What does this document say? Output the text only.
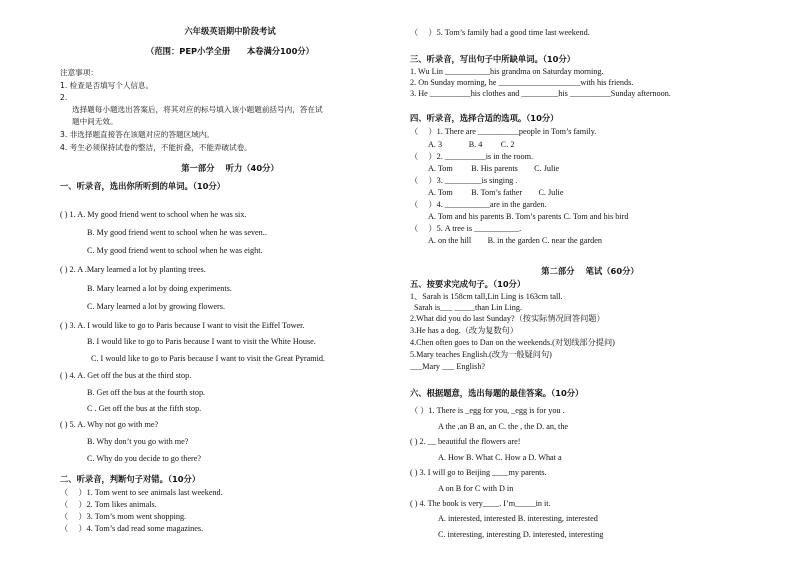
六年级英语期中阶段考试
（范围：PEP小学全册　　本卷满分100分）
注意事项：
1. 检查是否填写个人信息。
2.
选择题每小题选出答案后，将其对应的标号填入该小题题前括号内，答在试
题中间无效。
3. 非选择题直接答在该题对应的答题区域内。
4. 考生必须保持试卷的整洁，不能折叠，不能弄破试卷。
第一部分　 听力（40分）
一、听录音，选出你所听到的单词。（10分）
( ) 1. A. My good friend went to school when he was six.
B. My good friend went to school when he was seven..
C. My good friend went to school when he was eight.
( ) 2. A .Mary learned a lot by planting trees.
B. Mary learned a lot by doing experiments.
C. Mary learned a lot by growing flowers.
( ) 3. A. I would like to go to Paris because I want to visit the Eiffel Tower.
B. I would like to go to Paris because I want to visit the White House.
C. I would like to go to Paris because I want to visit the Great Pyramid.
( ) 4. A. Get off the bus at the third stop.
B. Get off the bus at the fourth stop.
C . Get off the bus at the fifth stop.
( ) 5. A. Why not go with me?
B. Why don’t you go with me?
C. Why do you decide to go there?
二、听录音，判断句子对错。（10分）
（　 ）1. Tom went to see animals last weekend.
（　 ）2. Tom likes animals.
（　 ）3. Tom’s mom went shopping.
（　 ）4. Tom’s dad read some magazines.
（　 ）5. Tom’s family had a good time last weekend.
三、听录音，写出句子中所缺单词。（10分）
1. Wu Lin ___________his grandma on Saturday morning.
2. On Sunday morning, he ____________________with his friends.
3. He __________his clothes and _________his __________Sunday afternoon.
四、听录音，选择合适的选项。（10分）
（　 ）1. There are __________people in Tom’s family.
A. 3　　　 B. 4　　 C. 2
（　 ）2. __________is in the room.
A. Tom　　 B. His parents　　C. Julie
（　 ）3. _________is singing .
A. Tom　　 B. Tom’s father　　C. Julie
（　 ）4. ___________are in the garden.
A. Tom and his parents B. Tom’s parents C. Tom and his bird
（　 ）5. A tree is ___________.
A. on the hill　　B. in the garden C. near the garden
第二部分　 笔试（60分）
五、按要求完成句子。（10分）
1、Sarah is 158cm tall,Lin Ling is 163cm tall.
Sarah is___ _____than Lin Ling.
2.What did you do last Sunday?（按实际情况回答问题）
3.He has a dog.（改为复数句）
4.Chen often goes to Dan on the weekends.(对划线部分提问)
5.Mary teaches English.(改为一般疑问句)
___Mary ___ English?
六、根据题意，选出每题的最佳答案。（10分）
（ ）1. There is _egg for you, _egg is for you .
A the ,an B an, an C. the , the D. an, the
( ) 2. __ beautiful the flowers are!
A. How B. What C. How a D. What a
( ) 3. I will go to Beijing ____my parents.
A on B for C with D in
( ) 4. The book is very____. I’m_____in it.
A. interested, interested B. interesting, interested
C. interesting, interesting D. interested, interesting
